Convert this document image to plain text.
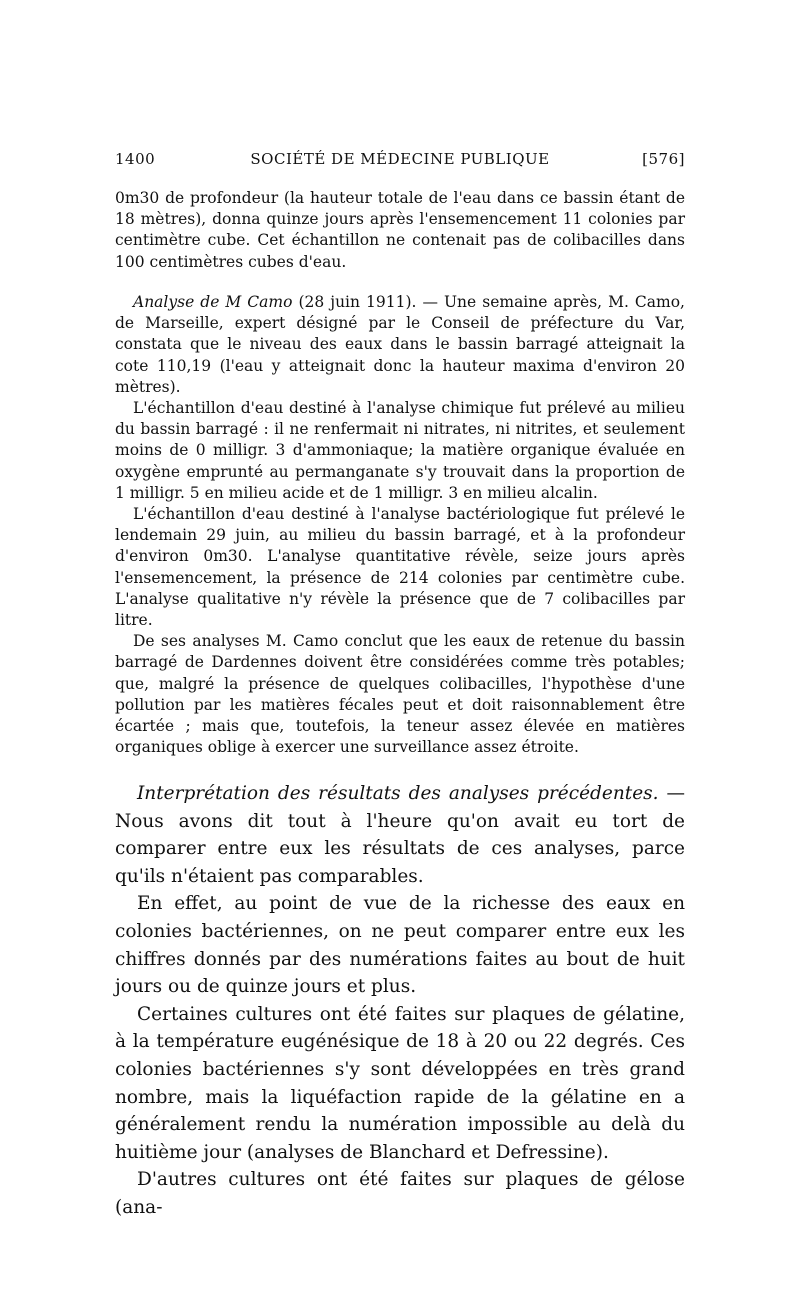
1400	SOCIÉTÉ DE MÉDECINE PUBLIQUE	[576]

0m30 de profondeur (la hauteur totale de l'eau dans ce bassin étant de 18 mètres), donna quinze jours après l'ensemencement 11 colonies par centimètre cube. Cet échantillon ne contenait pas de colibacilles dans 100 centimètres cubes d'eau.

Analyse de M Camo (28 juin 1911). — Une semaine après, M. Camo, de Marseille, expert désigné par le Conseil de préfecture du Var, constata que le niveau des eaux dans le bassin barragé atteignait la cote 110,19 (l'eau y atteignait donc la hauteur maxima d'environ 20 mètres).

L'échantillon d'eau destiné à l'analyse chimique fut prélevé au milieu du bassin barragé : il ne renfermait ni nitrates, ni nitrites, et seulement moins de 0 milligr. 3 d'ammoniaque; la matière organique évaluée en oxygène emprunté au permanganate s'y trouvait dans la proportion de 1 milligr. 5 en milieu acide et de 1 milligr. 3 en milieu alcalin.

L'échantillon d'eau destiné à l'analyse bactériologique fut prélevé le lendemain 29 juin, au milieu du bassin barragé, et à la profondeur d'environ 0m30. L'analyse quantitative révèle, seize jours après l'ensemencement, la présence de 214 colonies par centimètre cube. L'analyse qualitative n'y révèle la présence que de 7 colibacilles par litre.

De ses analyses M. Camo conclut que les eaux de retenue du bassin barragé de Dardennes doivent être considérées comme très potables; que, malgré la présence de quelques colibacilles, l'hypothèse d'une pollution par les matières fécales peut et doit raisonnablement être écartée ; mais que, toutefois, la teneur assez élevée en matières organiques oblige à exercer une surveillance assez étroite.

Interprétation des résultats des analyses précédentes. — Nous avons dit tout à l'heure qu'on avait eu tort de comparer entre eux les résultats de ces analyses, parce qu'ils n'étaient pas comparables.

En effet, au point de vue de la richesse des eaux en colonies bactériennes, on ne peut comparer entre eux les chiffres donnés par des numérations faites au bout de huit jours ou de quinze jours et plus.

Certaines cultures ont été faites sur plaques de gélatine, à la température eugénésique de 18 à 20 ou 22 degrés. Ces colonies bactériennes s'y sont développées en très grand nombre, mais la liquéfaction rapide de la gélatine en a généralement rendu la numération impossible au delà du huitième jour (analyses de Blanchard et Defressine).

D'autres cultures ont été faites sur plaques de gélose (ana-
